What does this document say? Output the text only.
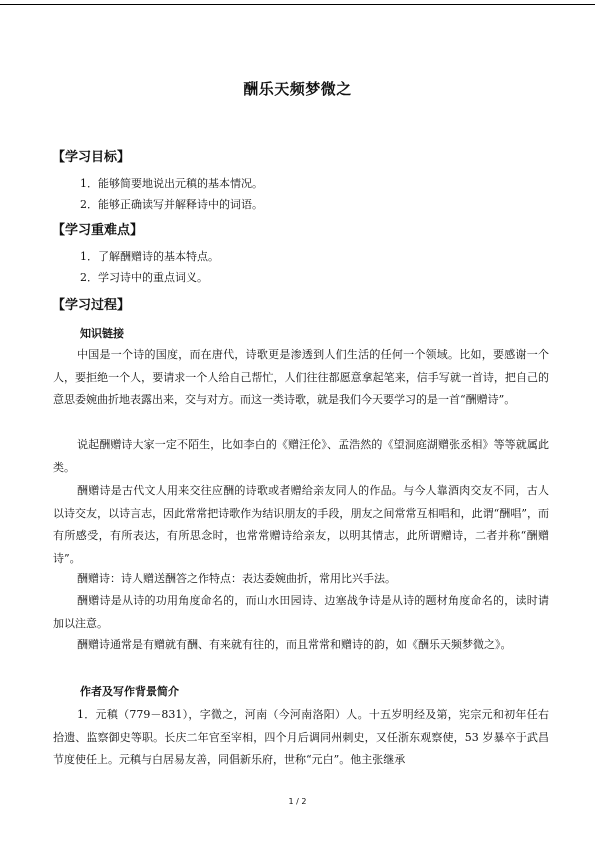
酬乐天频梦微之
【学习目标】
1．能够简要地说出元稹的基本情况。
2．能够正确读写并解释诗中的词语。
【学习重难点】
1．了解酬赠诗的基本特点。
2．学习诗中的重点词义。
【学习过程】
知识链接

中国是一个诗的国度，而在唐代，诗歌更是渗透到人们生活的任何一个领域。比如，要感谢一个人，要拒绝一个人，要请求一个人给自己帮忙，人们往往都愿意拿起笔来，信手写就一首诗，把自己的意思委婉曲折地表露出来，交与对方。而这一类诗歌，就是我们今天要学习的是一首“酬赠诗”。

说起酬赠诗大家一定不陌生，比如李白的《赠汪伦》、孟浩然的《望洞庭湖赠张丞相》等等就属此类。

酬赠诗是古代文人用来交往应酬的诗歌或者赠给亲友同人的作品。与今人靠酒肉交友不同，古人以诗交友，以诗言志，因此常常把诗歌作为结识朋友的手段，朋友之间常常互相唱和，此谓“酬唱”，而有所感受，有所表达，有所思念时，也常常赠诗给亲友，以明其情志，此所谓赠诗，二者并称“酬赠诗”。

酬赠诗：诗人赠送酬答之作特点：表达委婉曲折，常用比兴手法。

酬赠诗是从诗的功用角度命名的，而山水田园诗、边塞战争诗是从诗的题材角度命名的，读时请加以注意。

酬赠诗通常是有赠就有酬、有来就有往的，而且常常和赠诗的韵，如《酬乐天频梦微之》。

作者及写作背景简介

1．元稹（779－831），字微之，河南（今河南洛阳）人。十五岁明经及第，宪宗元和初年任右拾遗、监察御史等职。长庆二年官至宰相，四个月后调同州刺史，又任浙东观察使，53 岁暴卒于武昌节度使任上。元稹与白居易友善，同倡新乐府，世称“元白”。他主张继承

1 / 2
